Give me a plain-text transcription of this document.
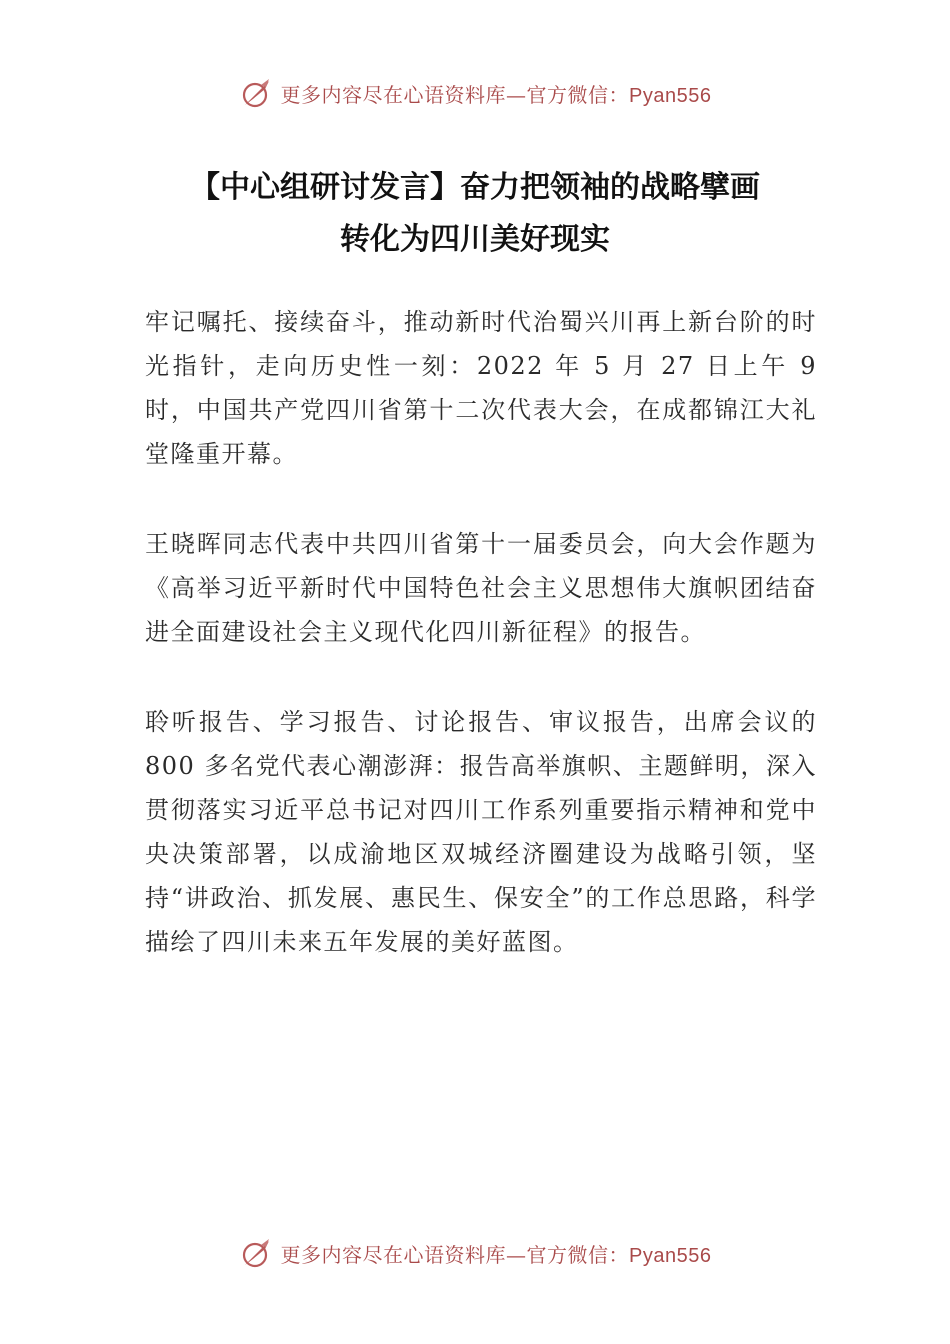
更多内容尽在心语资料库—官方微信：Pyan556
【中心组研讨发言】奋力把领袖的战略擘画
转化为四川美好现实

牢记嘱托、接续奋斗，推动新时代治蜀兴川再上新台阶的时光指针，走向历史性一刻：2022 年 5 月 27 日上午 9 时，中国共产党四川省第十二次代表大会，在成都锦江大礼堂隆重开幕。

王晓晖同志代表中共四川省第十一届委员会，向大会作题为《高举习近平新时代中国特色社会主义思想伟大旗帜团结奋进全面建设社会主义现代化四川新征程》的报告。

聆听报告、学习报告、讨论报告、审议报告，出席会议的 800 多名党代表心潮澎湃：报告高举旗帜、主题鲜明，深入贯彻落实习近平总书记对四川工作系列重要指示精神和党中央决策部署，以成渝地区双城经济圈建设为战略引领，坚持“讲政治、抓发展、惠民生、保安全”的工作总思路，科学描绘了四川未来五年发展的美好蓝图。

更多内容尽在心语资料库—官方微信：Pyan556
